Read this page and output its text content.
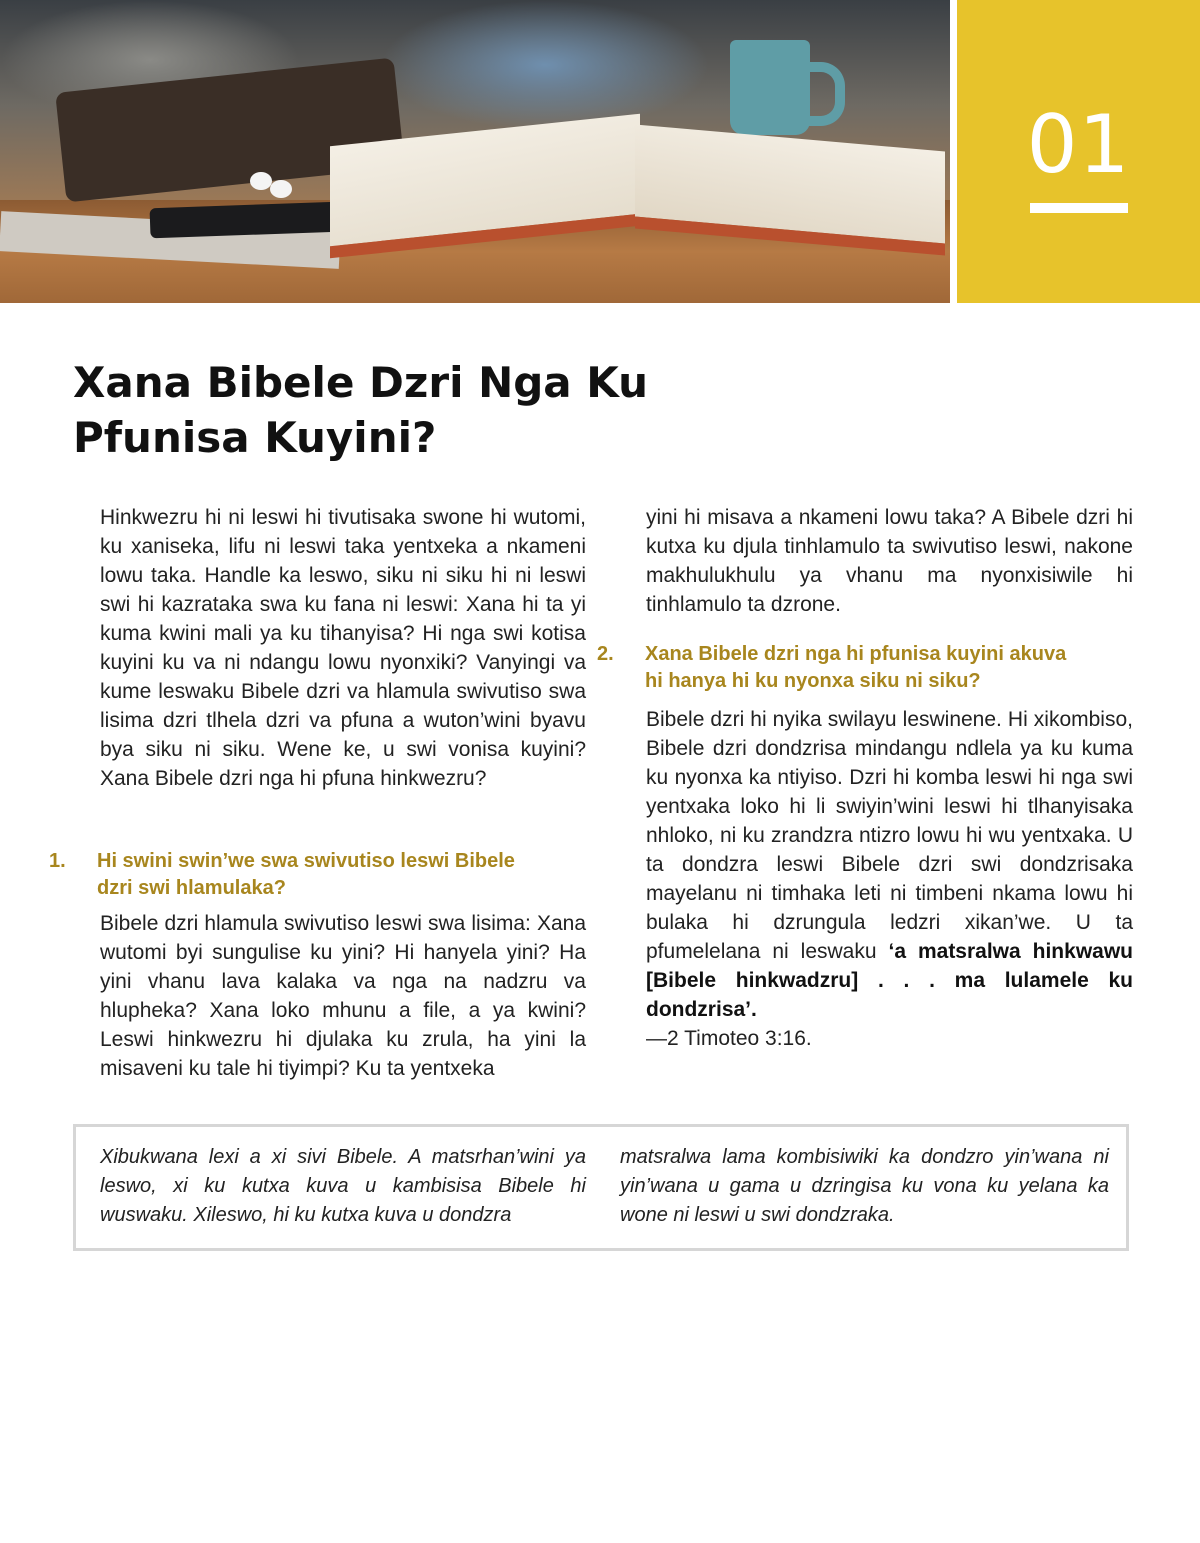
01
Xana Bibele Dzri Nga Ku
Pfunisa Kuyini?

Hinkwezru hi ni leswi hi tivutisaka swone hi wutomi, ku xaniseka, lifu ni leswi taka yentxeka a nkameni lowu taka. Handle ka leswo, siku ni siku hi ni leswi swi hi kazrataka swa ku fana ni leswi: Xana hi ta yi kuma kwini mali ya ku tihanyisa? Hi nga swi kotisa kuyini ku va ni ndangu lowu nyonxiki? Vanyingi va kume leswaku Bibele dzri va hlamula swivutiso swa lisima dzri tlhela dzri va pfuna a wuton’wini byavu bya siku ni siku. Wene ke, u swi vonisa kuyini? Xana Bibele dzri nga hi pfuna hinkwezru?

1. Hi swini swin’we swa swivutiso leswi Bibele
dzri swi hlamulaka?

Bibele dzri hlamula swivutiso leswi swa lisima: Xana wutomi byi sungulise ku yini? Hi hanyela yini? Ha yini vhanu lava kalaka va nga na nadzru va hlupheka? Xana loko mhunu a file, a ya kwini? Leswi hinkwezru hi djulaka ku zrula, ha yini la misaveni ku tale hi tiyimpi? Ku ta yentxeka

yini hi misava a nkameni lowu taka? A Bibele dzri hi kutxa ku djula tinhlamulo ta swivutiso leswi, nakone makhulukhulu ya vhanu ma nyonxisiwile hi tinhlamulo ta dzrone.

2. Xana Bibele dzri nga hi pfunisa kuyini akuva
hi hanya hi ku nyonxa siku ni siku?

Bibele dzri hi nyika swilayu leswinene. Hi xikombiso, Bibele dzri dondzrisa mindangu ndlela ya ku kuma ku nyonxa ka ntiyiso. Dzri hi komba leswi hi nga swi yentxaka loko hi li swiyin’wini leswi hi tlhanyisaka nhloko, ni ku zrandzra ntizro lowu hi wu yentxaka. U ta dondzra leswi Bibele dzri swi dondzrisaka mayelanu ni timhaka leti ni timbeni nkama lowu hi bulaka hi dzrungula ledzri xikan’we. U ta pfumelelana ni leswaku ‘a matsralwa hinkwawu [Bibele hinkwadzru] . . . ma lulamele ku dondzrisa’.
—2 Timoteo 3:16.

Xibukwana lexi a xi sivi Bibele. A matsrhan’wini ya leswo, xi ku kutxa kuva u kambisisa Bibele hi wuswaku. Xileswo, hi ku kutxa kuva u dondzra
matsralwa lama kombisiwiki ka dondzro yin’wana ni yin’wana u gama u dzringisa ku vona ku yelana ka wone ni leswi u swi dondzraka.
